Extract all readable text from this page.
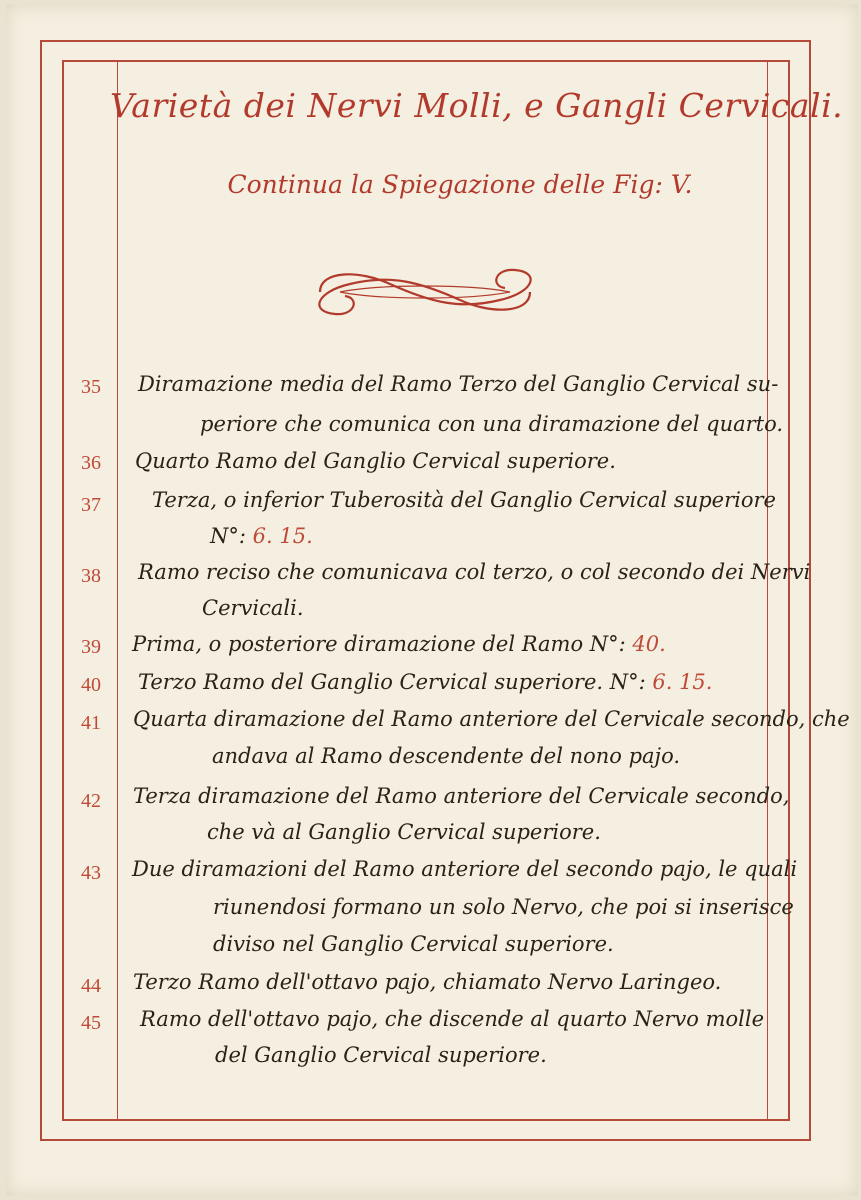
Varietà dei Nervi Molli, e Gangli Cervicali.
Continua la Spiegazione delle Fig: V.
35	Diramazione media del Ramo Terzo del Ganglio Cervical su-
periore che comunica con una diramazione del quarto.
36	Quarto Ramo del Ganglio Cervical superiore.
37	Terza, o inferior Tuberosità del Ganglio Cervical superiore
N°: 6. 15.
38	Ramo reciso che comunicava col terzo, o col secondo dei Nervi
Cervicali.
39	Prima, o posteriore diramazione del Ramo N°: 40.
40	Terzo Ramo del Ganglio Cervical superiore. N°: 6. 15.
41	Quarta diramazione del Ramo anteriore del Cervicale secondo, che
andava al Ramo descendente del nono pajo.
42	Terza diramazione del Ramo anteriore del Cervicale secondo,
che và al Ganglio Cervical superiore.
43	Due diramazioni del Ramo anteriore del secondo pajo, le quali
riunendosi formano un solo Nervo, che poi si inserisce
diviso nel Ganglio Cervical superiore.
44	Terzo Ramo dell'ottavo pajo, chiamato Nervo Laringeo.
45	Ramo dell'ottavo pajo, che discende al quarto Nervo molle
del Ganglio Cervical superiore.
